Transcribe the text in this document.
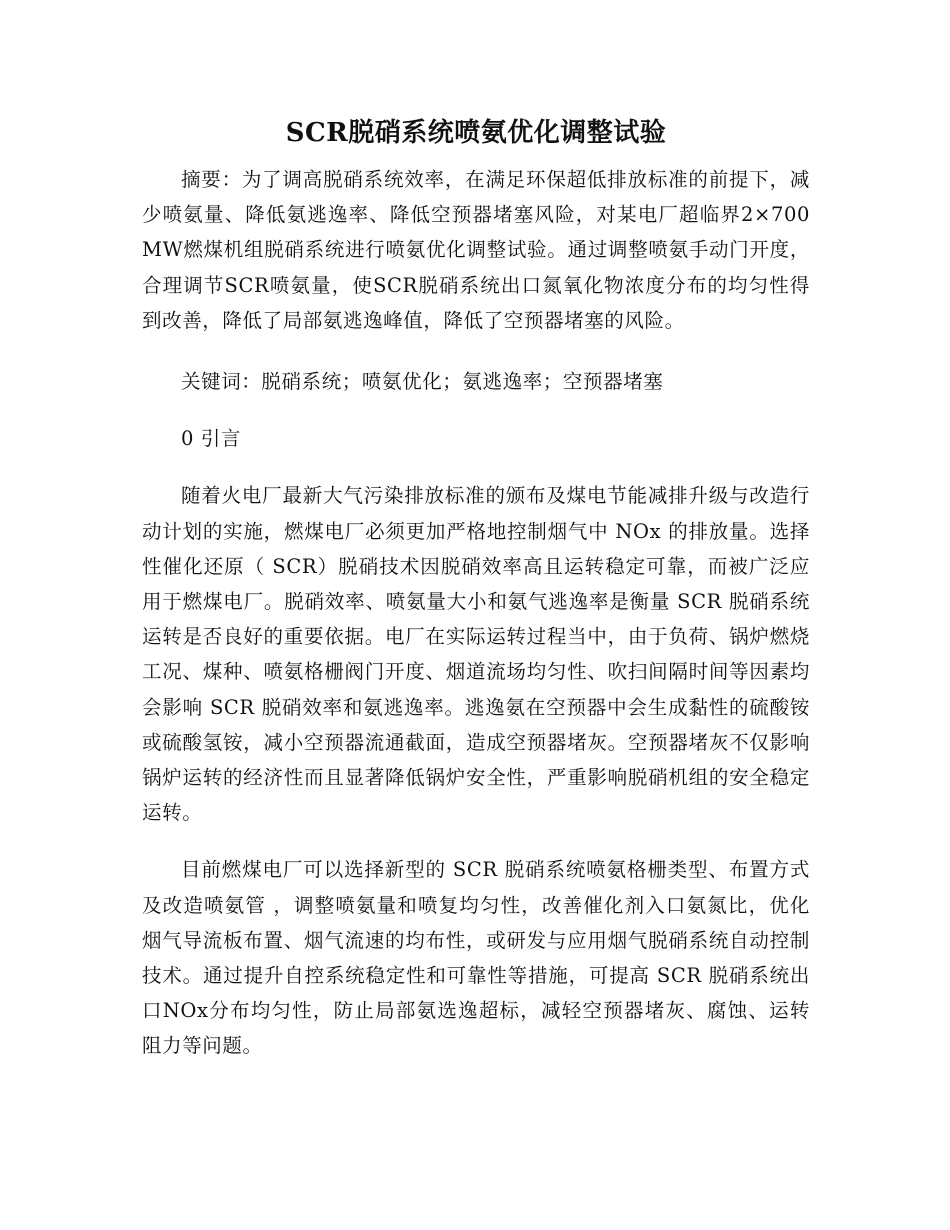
SCR脱硝系统喷氨优化调整试验

摘要：为了调高脱硝系统效率，在满足环保超低排放标准的前提下，减少喷氨量、降低氨逃逸率、降低空预器堵塞风险，对某电厂超临界2×700 MW燃煤机组脱硝系统进行喷氨优化调整试验。通过调整喷氨手动门开度，合理调节SCR喷氨量，使SCR脱硝系统出口氮氧化物浓度分布的均匀性得到改善，降低了局部氨逃逸峰值，降低了空预器堵塞的风险。

关键词：脱硝系统；喷氨优化；氨逃逸率；空预器堵塞

0 引言

随着火电厂最新大气污染排放标准的颁布及煤电节能减排升级与改造行动计划的实施，燃煤电厂必须更加严格地控制烟气中 NOx 的排放量。选择性催化还原（ SCR）脱硝技术因脱硝效率高且运转稳定可靠，而被广泛应用于燃煤电厂。脱硝效率、喷氨量大小和氨气逃逸率是衡量 SCR 脱硝系统运转是否良好的重要依据。电厂在实际运转过程当中，由于负荷、锅炉燃烧工况、煤种、喷氨格栅阀门开度、烟道流场均匀性、吹扫间隔时间等因素均会影响 SCR 脱硝效率和氨逃逸率。逃逸氨在空预器中会生成黏性的硫酸铵或硫酸氢铵，减小空预器流通截面，造成空预器堵灰。空预器堵灰不仅影响锅炉运转的经济性而且显著降低锅炉安全性，严重影响脱硝机组的安全稳定运转。

目前燃煤电厂可以选择新型的 SCR 脱硝系统喷氨格栅类型、布置方式及改造喷氨管 ，调整喷氨量和喷复均匀性，改善催化剂入口氨氮比，优化烟气导流板布置、烟气流速的均布性，或研发与应用烟气脱硝系统自动控制技术。通过提升自控系统稳定性和可靠性等措施，可提高 SCR 脱硝系统出口NOx分布均匀性，防止局部氨选逸超标，减轻空预器堵灰、腐蚀、运转阻力等问题。
